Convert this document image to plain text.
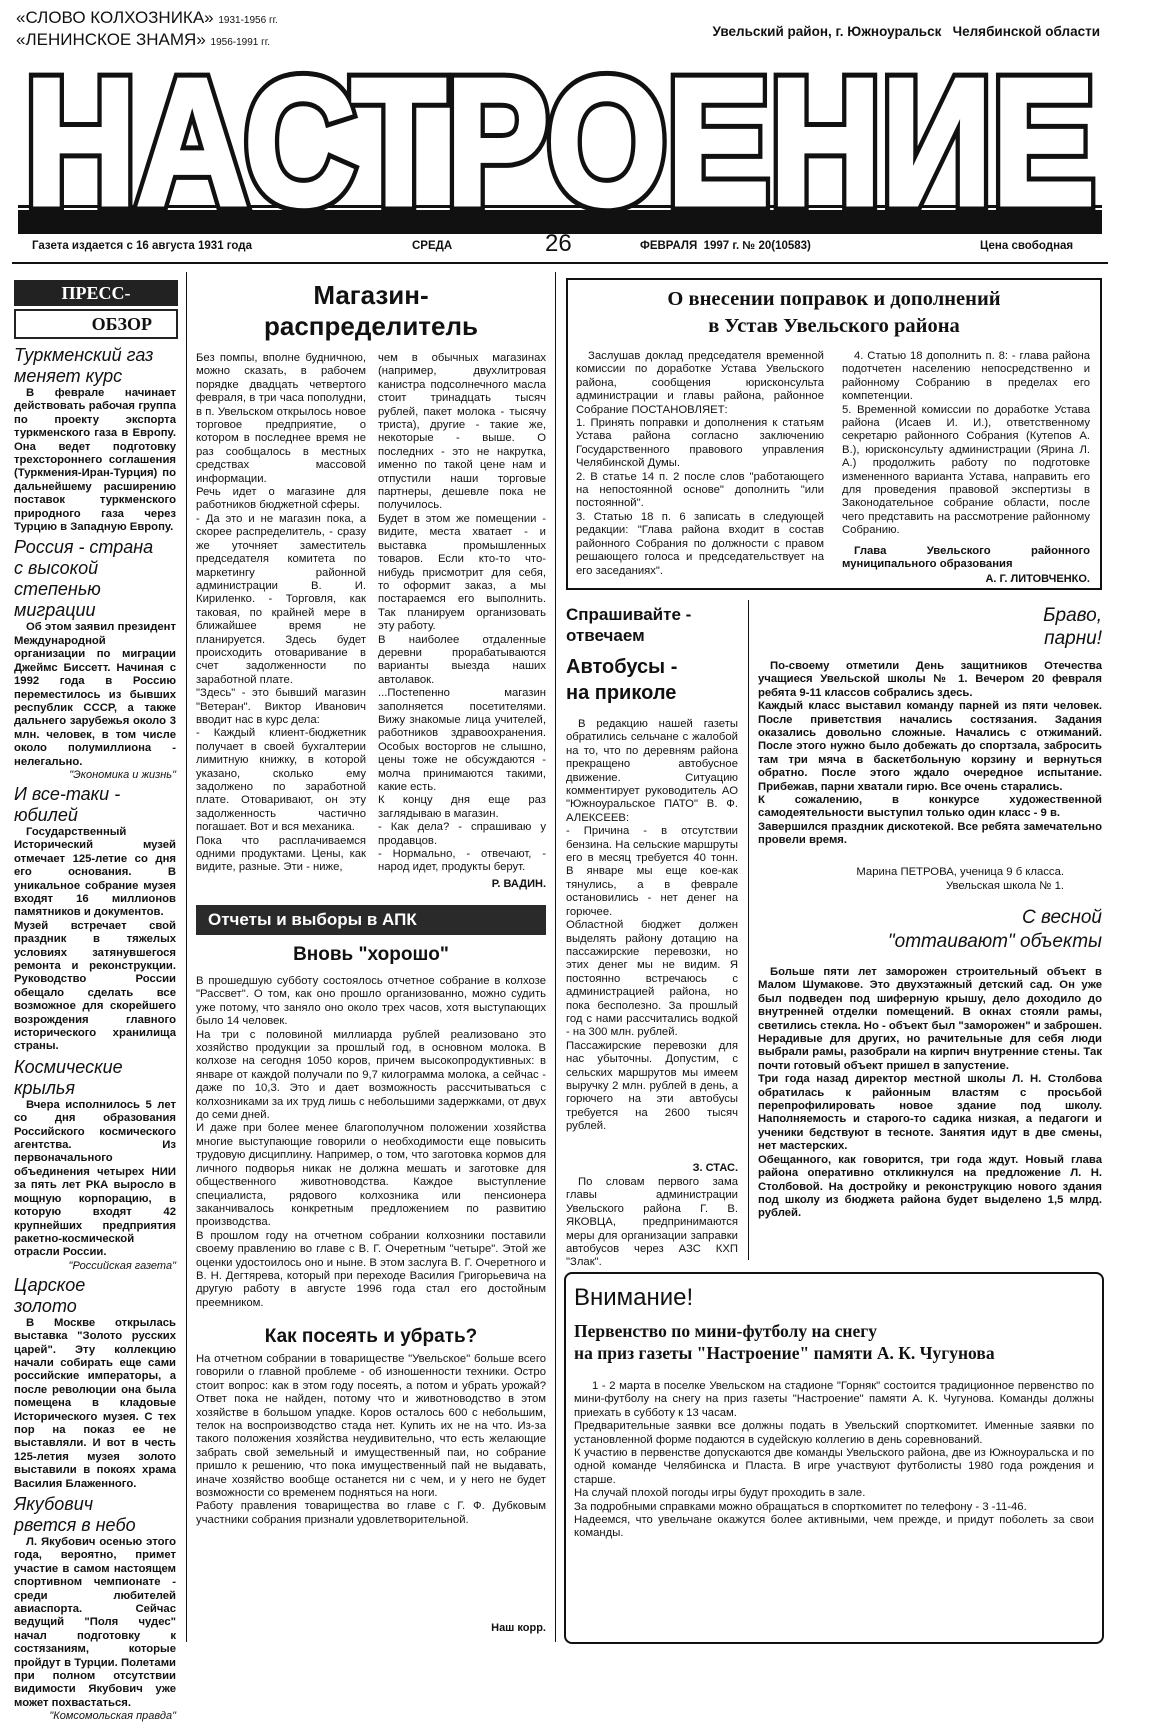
«СЛОВО КОЛХОЗНИКА» 1931-1956 гг.
«ЛЕНИНСКОЕ ЗНАМЯ» 1956-1991 гг.
Увельский район, г. Южноуральск   Челябинской области
НАСТРОЕНИЕ
НАСТРОЕНИЕ
Газета издается с 16 августа 1931 года	СРЕДА	26	ФЕВРАЛЯ  1997 г. № 20(10583)	Цена свободная
ПРЕСС-
ОБЗОР
Туркменский газ
меняет курс
В феврале начинает действовать рабочая группа по проекту экспорта туркменского газа в Европу. Она ведет подготовку трехстороннего соглашения (Туркмения-Иран-Турция) по дальнейшему расширению поставок туркменского природного газа через Турцию в Западную Европу.
Россия - страна
с высокой степенью
миграции
Об этом заявил президент Международной организации по миграции Джеймс Биссетт. Начиная с 1992 года в Россию переместилось из бывших республик СССР, а также дальнего зарубежья около 3 млн. человек, в том числе около полумиллиона - нелегально.
"Экономика и жизнь"
И все-таки -
юбилей
Государственный Исторический музей отмечает 125-летие со дня его основания. В уникальное собрание музея входят 16 миллионов памятников и документов.
Музей встречает свой праздник в тяжелых условиях затянувшегося ремонта и реконструкции. Руководство России обещало сделать все возможное для скорейшего возрождения главного исторического хранилища страны.
Космические
крылья
Вчера исполнилось 5 лет со дня образования Российского космического агентства. Из первоначального объединения четырех НИИ за пять лет РКА выросло в мощную корпорацию, в которую входят 42 крупнейших предприятия ракетно-космической отрасли России.
"Российская газета"
Царское
золото
В Москве открылась выставка "Золото русских царей". Эту коллекцию начали собирать еще сами российские императоры, а после революции она была помещена в кладовые Исторического музея. С тех пор на показ ее не выставляли. И вот в честь 125-летия музея золото выставили в покоях храма Василия Блаженного.
Якубович
рвется в небо
Л. Якубович осенью этого года, вероятно, примет участие в самом настоящем спортивном чемпионате - среди любителей авиаспорта. Сейчас ведущий "Поля чудес" начал подготовку к состязаниям, которые пройдут в Турции. Полетами при полном отсутствии видимости Якубович уже может похвастаться.
"Комсомольская правда"
Магазин-
распределитель
Без помпы, вполне будничною, можно сказать, в рабочем порядке двадцать четвертого февраля, в три часа пополудни, в п. Увельском открылось новое торговое предприятие, о котором в последнее время не раз сообщалось в местных средствах массовой информации.
Речь идет о магазине для работников бюджетной сферы.
- Да это и не магазин пока, а скорее распределитель, - сразу же уточняет заместитель председателя комитета по маркетингу районной администрации В. И. Кириленко. - Торговля, как таковая, по крайней мере в ближайшее время не планируется. Здесь будет происходить отоваривание в счет задолженности по заработной плате.
"Здесь" - это бывший магазин "Ветеран". Виктор Иванович вводит нас в курс дела:
- Каждый клиент-бюджетник получает в своей бухгалтерии лимитную книжку, в которой указано, сколько ему задолжено по заработной плате. Отоваривают, он эту задолженность частично погашает. Вот и вся механика.
Пока что расплачиваемся одними продуктами. Цены, как видите, разные. Эти - ниже,
чем в обычных магазинах (например, двухлитровая канистра подсолнечного масла стоит тринадцать тысяч рублей, пакет молока - тысячу триста), другие - такие же, некоторые - выше. О последних - это не накрутка, именно по такой цене нам и отпустили наши торговые партнеры, дешевле пока не получилось.
Будет в этом же помещении - видите, места хватает - и выставка промышленных товаров. Если кто-то что-нибудь присмотрит для себя, то оформит заказ, а мы постараемся его выполнить. Так планируем организовать эту работу.
В наиболее отдаленные деревни прорабатываются варианты выезда наших автолавок.
...Постепенно магазин заполняется посетителями. Вижу знакомые лица учителей, работников здравоохранения. Особых восторгов не слышно, цены тоже не обсуждаются - молча принимаются такими, какие есть.
К концу дня еще раз заглядываю в магазин.
- Как дела? - спрашиваю у продавцов.
- Нормально, - отвечают, - народ идет, продукты берут.
Р. ВАДИН.
Отчеты и выборы в АПК
Вновь "хорошо"
В прошедшую субботу состоялось отчетное собрание в колхозе "Рассвет". О том, как оно прошло организованно, можно судить уже потому, что заняло оно около трех часов, хотя выступающих было 14 человек.
На три с половиной миллиарда рублей реализовано это хозяйство продукции за прошлый год, в основном молока. В колхозе на сегодня 1050 коров, причем высокопродуктивных: в январе от каждой получали по 9,7 килограмма молока, а сейчас - даже по 10,3. Это и дает возможность рассчитываться с колхозниками за их труд лишь с небольшими задержками, от двух до семи дней.
И даже при более менее благополучном положении хозяйства многие выступающие говорили о необходимости еще повысить трудовую дисциплину. Например, о том, что заготовка кормов для личного подворья никак не должна мешать и заготовке для общественного животноводства. Каждое выступление специалиста, рядового колхозника или пенсионера заканчивалось конкретным предложением по развитию производства.
В прошлом году на отчетном собрании колхозники поставили своему правлению во главе с В. Г. Очеретным "четыре". Этой же оценки удостоилось оно и ныне. В этом заслуга В. Г. Очеретного и В. Н. Дегтярева, который при переходе Василия Григорьевича на другую работу в августе 1996 года стал его достойным преемником.
Как посеять и убрать?
На отчетном собрании в товариществе "Увельское" больше всего говорили о главной проблеме - об изношенности техники. Остро стоит вопрос: как в этом году посеять, а потом и убрать урожай? Ответ пока не найден, потому что и животноводство в этом хозяйстве в большом упадке. Коров осталось 600 с небольшим, телок на воспроизводство стада нет. Купить их не на что. Из-за такого положения хозяйства неудивительно, что есть желающие забрать свой земельный и имущественный паи, но собрание пришло к решению, что пока имущественный пай не выдавать, иначе хозяйство вообще останется ни с чем, и у него не будет возможности со временем подняться на ноги.
Работу правления товарищества во главе с Г. Ф. Дубковым участники собрания признали удовлетворительной.
Наш корр.
О внесении поправок и дополнений
в Устав Увельского района
Заслушав доклад председателя временной комиссии по доработке Устава Увельского района, сообщения юрисконсульта администрации и главы района, районное Собрание ПОСТАНОВЛЯЕТ:
1. Принять поправки и дополнения к статьям Устава района согласно заключению Государственного правового управления Челябинской Думы.
2. В статье 14 п. 2 после слов "работающего на непостоянной основе" дополнить "или постоянной".
3. Статью 18 п. 6 записать в следующей редакции: "Глава района входит в состав районного Собрания по должности с правом решающего голоса и председательствует на его заседаниях".
4. Статью 18 дополнить п. 8: - глава района подотчетен населению непосредственно и районному Собранию в пределах его компетенции.
5. Временной комиссии по доработке Устава района (Исаев И. И.), ответственному секретарю районного Собрания (Кутепов А. В.), юрисконсульту администрации (Ярина Л. А.) продолжить работу по подготовке измененного варианта Устава, направить его для проведения правовой экспертизы в Законодательное собрание области, после чего представить на рассмотрение районному Собранию.
Глава Увельского районного муниципального образования
А. Г. ЛИТОВЧЕНКО.
Спрашивайте -
отвечаем
Автобусы -
на приколе
В редакцию нашей газеты обратились сельчане с жалобой на то, что по деревням района прекращено автобусное движение. Ситуацию комментирует руководитель АО "Южноуральское ПАТО" В. Ф. АЛЕКСЕЕВ:
- Причина - в отсутствии бензина. На сельские маршруты его в месяц требуется 40 тонн. В январе мы еще кое-как тянулись, а в феврале остановились - нет денег на горючее.
Областной бюджет должен выделять району дотацию на пассажирские перевозки, но этих денег мы не видим. Я постоянно встречаюсь с администрацией района, но пока бесполезно. За прошлый год с нами рассчитались водкой - на 300 млн. рублей.
Пассажирские перевозки для нас убыточны. Допустим, с сельских маршрутов мы имеем выручку 2 млн. рублей в день, а горючего на эти автобусы требуется на 2600 тысяч рублей.
З. СТАС.
По словам первого зама главы администрации Увельского района Г. В. ЯКОВЦА, предпринимаются меры для организации заправки автобусов через АЗС КХП "Злак".
Браво,
парни!
По-своему отметили День защитников Отечества учащиеся Увельской школы № 1. Вечером 20 февраля ребята 9-11 классов собрались здесь.
Каждый класс выставил команду парней из пяти человек. После приветствия начались состязания. Задания оказались довольно сложные. Начались с отжиманий. После этого нужно было добежать до спортзала, забросить там три мяча в баскетбольную корзину и вернуться обратно. После этого ждало очередное испытание. Прибежав, парни хватали гирю. Все очень старались.
К сожалению, в конкурсе художественной самодеятельности выступил только один класс - 9 в.
Завершился праздник дискотекой. Все ребята замечательно провели время.
Марина ПЕТРОВА, ученица 9 б класса.
Увельская школа № 1.
С весной
"оттаивают" объекты
Больше пяти лет заморожен строительный объект в Малом Шумакове. Это двухэтажный детский сад. Он уже был подведен под шиферную крышу, дело доходило до внутренней отделки помещений. В окнах стояли рамы, светились стекла. Но - объект был "заморожен" и заброшен.
Нерадивые для других, но рачительные для себя люди выбрали рамы, разобрали на кирпич внутренние стены. Так почти готовый объект пришел в запустение.
Три года назад директор местной школы Л. Н. Столбова обратилась к районным властям с просьбой перепрофилировать новое здание под школу. Наполняемость и старого-то садика низкая, а педагоги и ученики бедствуют в тесноте. Занятия идут в две смены, нет мастерских.
Обещанного, как говорится, три года ждут. Новый глава района оперативно откликнулся на предложение Л. Н. Столбовой. На достройку и реконструкцию нового здания под школу из бюджета района будет выделено 1,5 млрд. рублей.
Внимание!
Первенство по мини-футболу на снегу
на приз газеты "Настроение" памяти А. К. Чугунова
1 - 2 марта в поселке Увельском на стадионе "Горняк" состоится традиционное первенство по мини-футболу на снегу на приз газеты "Настроение" памяти А. К. Чугунова. Команды должны приехать в субботу к 13 часам.
Предварительные заявки все должны подать в Увельский спорткомитет. Именные заявки по установленной форме подаются в судейскую коллегию в день соревнований.
К участию в первенстве допускаются две команды Увельского района, две из Южноуральска и по одной команде Челябинска и Пласта. В игре участвуют футболисты 1980 года рождения и старше.
На случай плохой погоды игры будут проходить в зале.
За подробными справками можно обращаться в спорткомитет по телефону - 3 -11-46.
Надеемся, что увельчане окажутся более активными, чем прежде, и придут поболеть за свои команды.
